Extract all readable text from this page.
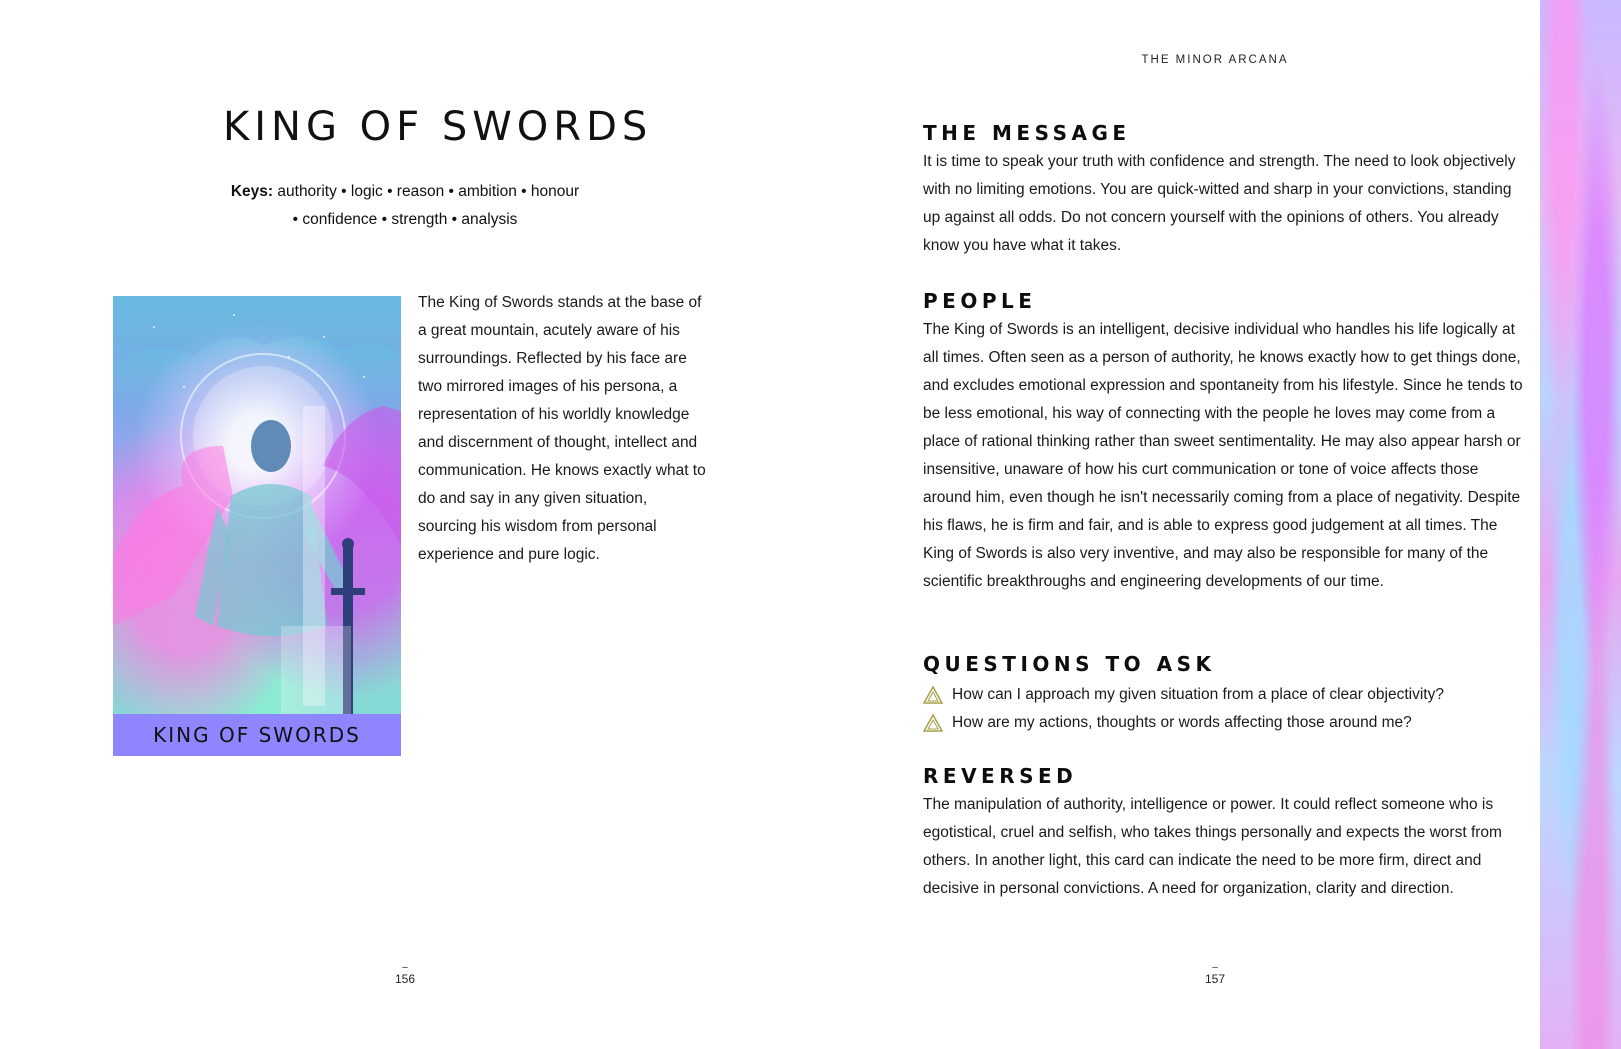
KING OF SWORDS
Keys: authority • logic • reason • ambition • honour
• confidence • strength • analysis
KING OF SWORDS

The King of Swords stands at the base of a great mountain, acutely aware of his surroundings. Reflected by his face are two mirrored images of his persona, a representation of his worldly knowledge and discernment of thought, intellect and communication. He knows exactly what to do and say in any given situation, sourcing his wisdom from personal experience and pure logic.

–
156
THE MINOR ARCANA
THE MESSAGE

It is time to speak your truth with confidence and strength. The need to look objectively with no limiting emotions. You are quick-witted and sharp in your convictions, standing up against all odds. Do not concern yourself with the opinions of others. You already know you have what it takes.

PEOPLE

The King of Swords is an intelligent, decisive individual who handles his life logically at all times. Often seen as a person of authority, he knows exactly how to get things done, and excludes emotional expression and spontaneity from his lifestyle. Since he tends to be less emotional, his way of connecting with the people he loves may come from a place of rational thinking rather than sweet sentimentality. He may also appear harsh or insensitive, unaware of how his curt communication or tone of voice affects those around him, even though he isn't necessarily coming from a place of negativity. Despite his flaws, he is firm and fair, and is able to express good judgement at all times. The King of Swords is also very inventive, and may also be responsible for many of the scientific breakthroughs and engineering developments of our time.

QUESTIONS TO ASK
How can I approach my given situation from a place of clear objectivity?
How are my actions, thoughts or words affecting those around me?
REVERSED

The manipulation of authority, intelligence or power. It could reflect someone who is egotistical, cruel and selfish, who takes things personally and expects the worst from others. In another light, this card can indicate the need to be more firm, direct and decisive in personal convictions. A need for organization, clarity and direction.

–
157
